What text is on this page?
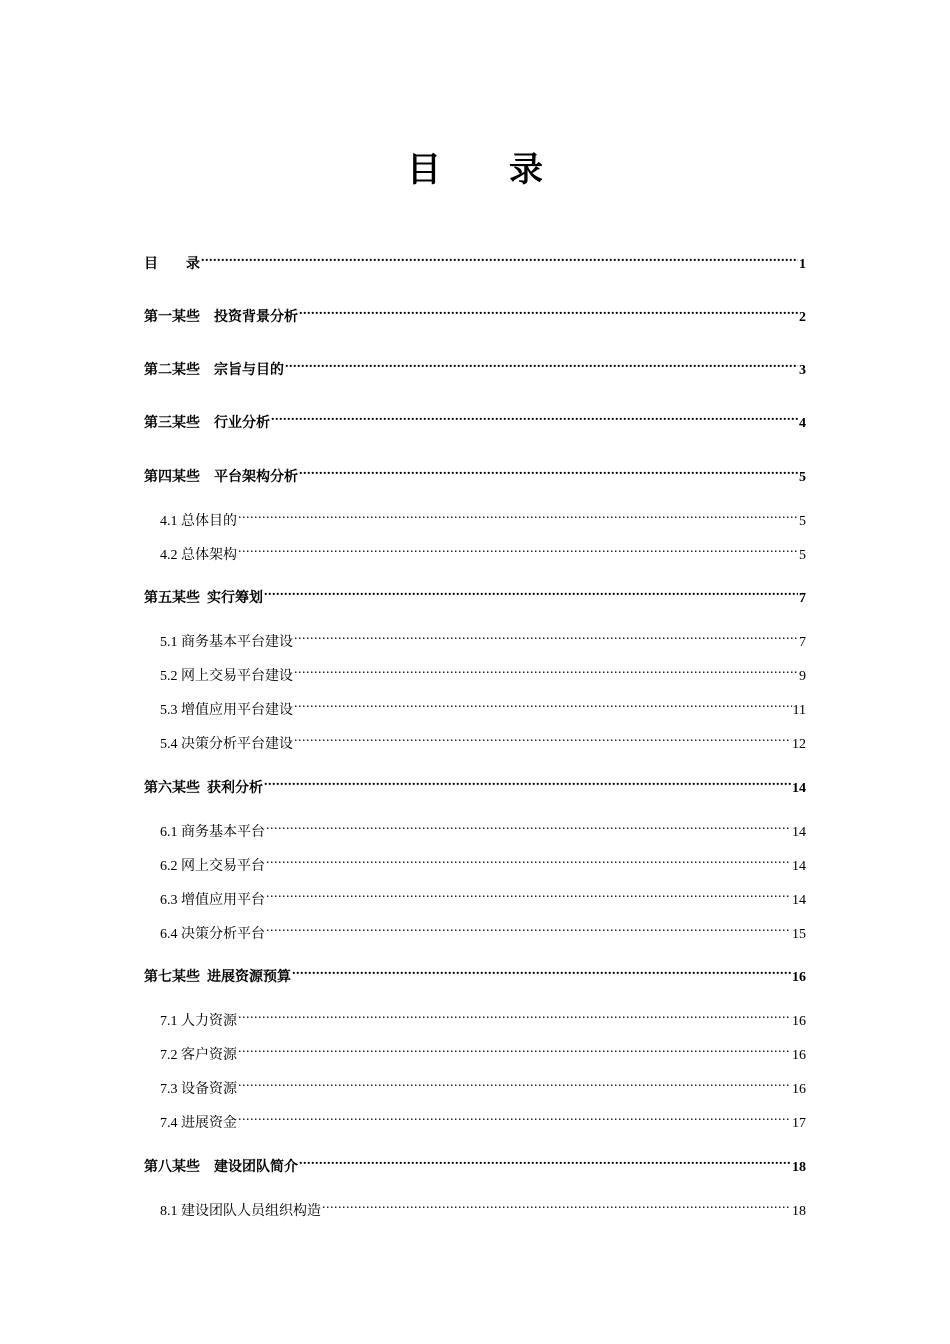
目　　录
目　　录 .....	1
第一某些　投资背景分析 .....	2
第二某些　宗旨与目的 .....	3
第三某些　行业分析 .....	4
第四某些　平台架构分析 .....	5
4.1 总体目的 .....	5
4.2 总体架构 .....	5
第五某些  实行筹划 .....	7
5.1 商务基本平台建设 .....	7
5.2 网上交易平台建设 .....	9
5.3 增值应用平台建设 .....	11
5.4 决策分析平台建设 .....	12
第六某些  获利分析 .....	14
6.1 商务基本平台 .....	14
6.2 网上交易平台 .....	14
6.3 增值应用平台 .....	14
6.4 决策分析平台 .....	15
第七某些  进展资源预算 .....	16
7.1 人力资源 .....	16
7.2 客户资源 .....	16
7.3 设备资源 .....	16
7.4 进展资金 .....	17
第八某些　建设团队简介 .....	18
8.1 建设团队人员组织构造 .....	18
